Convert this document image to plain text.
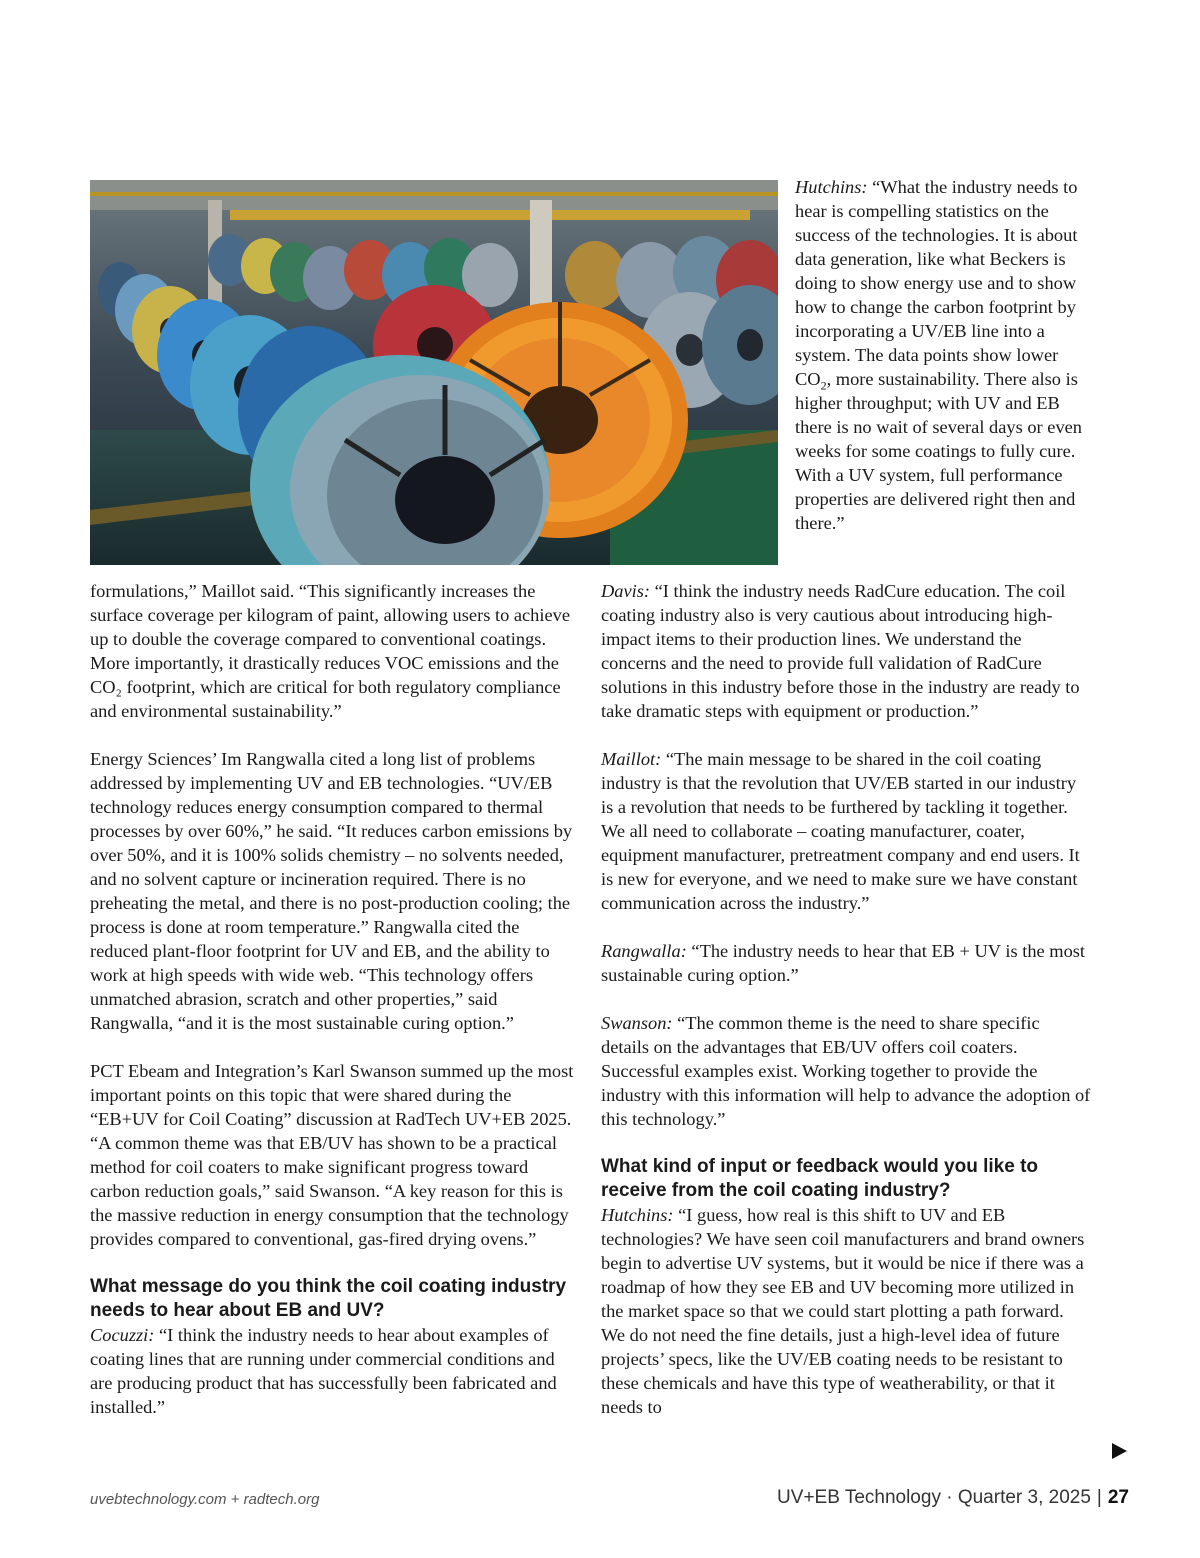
Hutchins: “What the industry needs to hear is compelling statistics on the success of the technologies. It is about data generation, like what Beckers is doing to show energy use and to show how to change the carbon footprint by incorporating a UV/EB line into a system. The data points show lower $CO_2$, more sustainability. There also is higher throughput; with UV and EB there is no wait of several days or even weeks for some coatings to fully cure. With a UV system, full performance properties are delivered right then and there.”

formulations,” Maillot said. “This significantly increases the surface coverage per kilogram of paint, allowing users to achieve up to double the coverage compared to conventional coatings. More importantly, it drastically reduces VOC emissions and the CO₂ footprint, which are critical for both regulatory compliance and environmental sustainability.”

Energy Sciences’ Im Rangwalla cited a long list of problems addressed by implementing UV and EB technologies. “UV/EB technology reduces energy consumption compared to thermal processes by over 60%,” he said. “It reduces carbon emissions by over 50%, and it is 100% solids chemistry – no solvents needed, and no solvent capture or incineration required. There is no preheating the metal, and there is no post-production cooling; the process is done at room temperature.” Rangwalla cited the reduced plant-floor footprint for UV and EB, and the ability to work at high speeds with wide web. “This technology offers unmatched abrasion, scratch and other properties,” said Rangwalla, “and it is the most sustainable curing option.”

PCT Ebeam and Integration’s Karl Swanson summed up the most important points on this topic that were shared during the “EB+UV for Coil Coating” discussion at RadTech UV+EB 2025. “A common theme was that EB/UV has shown to be a practical method for coil coaters to make significant progress toward carbon reduction goals,” said Swanson. “A key reason for this is the massive reduction in energy consumption that the technology provides compared to conventional, gas-fired drying ovens.”

What message do you think the coil coating industry needs to hear about EB and UV?

Cocuzzi: “I think the industry needs to hear about examples of coating lines that are running under commercial conditions and are producing product that has successfully been fabricated and installed.”

Davis: “I think the industry needs RadCure education. The coil coating industry also is very cautious about introducing high-impact items to their production lines. We understand the concerns and the need to provide full validation of RadCure solutions in this industry before those in the industry are ready to take dramatic steps with equipment or production.”

Maillot: “The main message to be shared in the coil coating industry is that the revolution that UV/EB started in our industry is a revolution that needs to be furthered by tackling it together. We all need to collaborate – coating manufacturer, coater, equipment manufacturer, pretreatment company and end users. It is new for everyone, and we need to make sure we have constant communication across the industry.”

Rangwalla: “The industry needs to hear that EB + UV is the most sustainable curing option.”

Swanson: “The common theme is the need to share specific details on the advantages that EB/UV offers coil coaters. Successful examples exist. Working together to provide the industry with this information will help to advance the adoption of this technology.”

What kind of input or feedback would you like to receive from the coil coating industry?

Hutchins: “I guess, how real is this shift to UV and EB technologies? We have seen coil manufacturers and brand owners begin to advertise UV systems, but it would be nice if there was a roadmap of how they see EB and UV becoming more utilized in the market space so that we could start plotting a path forward. We do not need the fine details, just a high-level idea of future projects’ specs, like the UV/EB coating needs to be resistant to these chemicals and have this type of weatherability, or that it needs to

uvebtechnology.com + radtech.org	UV+EB Technology · Quarter 3, 2025 | 27
